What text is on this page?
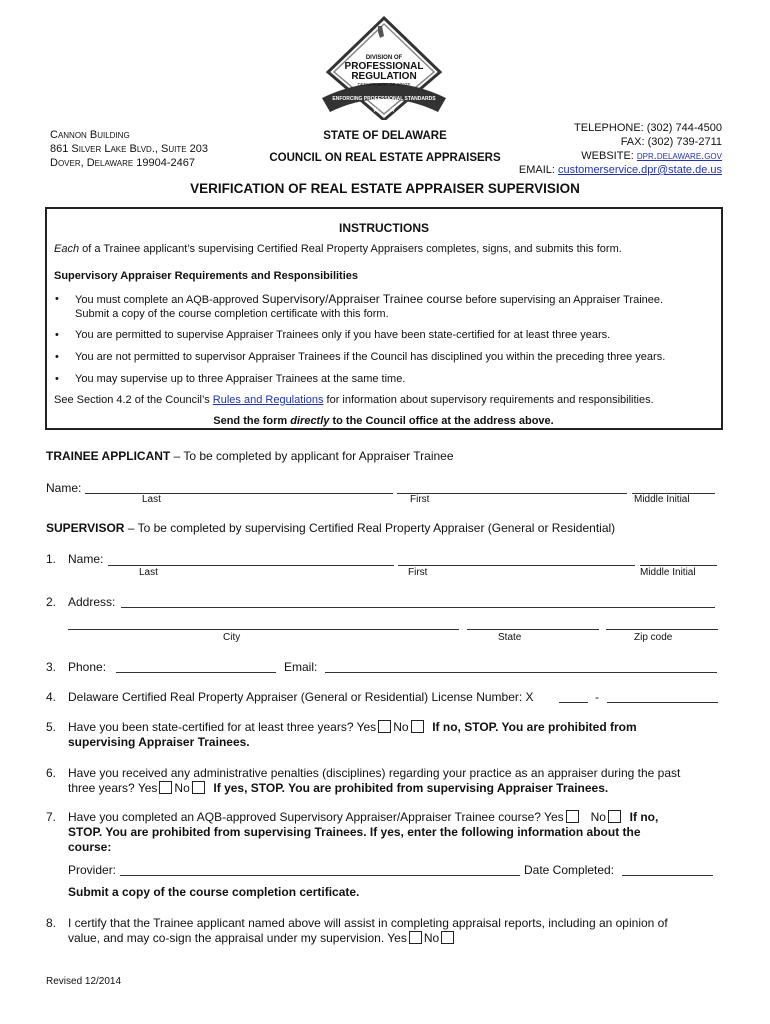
DIVISION OF
PROFESSIONAL
REGULATION
DEPARTMENT OF STATE
ENFORCING PROFESSIONAL STANDARDS
★ ★ ★
Cannon Building
861 Silver Lake Blvd., Suite 203
Dover, Delaware 19904-2467
STATE OF DELAWARE
COUNCIL ON REAL ESTATE APPRAISERS
TELEPHONE: (302) 744-4500
FAX: (302) 739-2711
WEBSITE: dpr.delaware.gov
EMAIL: customerservice.dpr@state.de.us
VERIFICATION OF REAL ESTATE APPRAISER SUPERVISION
INSTRUCTIONS
Each of a Trainee applicant’s supervising Certified Real Property Appraisers completes, signs, and submits this form.
Supervisory Appraiser Requirements and Responsibilities
• You must complete an AQB-approved Supervisory/Appraiser Trainee course before supervising an Appraiser Trainee.
Submit a copy of the course completion certificate with this form.
• You are permitted to supervise Appraiser Trainees only if you have been state-certified for at least three years.
• You are not permitted to supervisor Appraiser Trainees if the Council has disciplined you within the preceding three years.
• You may supervise up to three Appraiser Trainees at the same time.
See Section 4.2 of the Council’s Rules and Regulations for information about supervisory requirements and responsibilities.
Send the form directly to the Council office at the address above.
TRAINEE APPLICANT – To be completed by applicant for Appraiser Trainee
Name:
Last	First	Middle Initial
SUPERVISOR – To be completed by supervising Certified Real Property Appraiser (General or Residential)
1. Name:
Last	First	Middle Initial
2. Address:
City	State	Zip code
3. Phone:	Email:
4. Delaware Certified Real Property Appraiser (General or Residential) License Number: X	-
5. Have you been state-certified for at least three years? Yes No If no, STOP. You are prohibited from
supervising Appraiser Trainees.
6. Have you received any administrative penalties (disciplines) regarding your practice as an appraiser during the past
three years? Yes No If yes, STOP. You are prohibited from supervising Appraiser Trainees.
7. Have you completed an AQB-approved Supervisory Appraiser/Appraiser Trainee course? Yes No If no,
STOP. You are prohibited from supervising Trainees. If yes, enter the following information about the
course:
Provider:	Date Completed:
Submit a copy of the course completion certificate.
8. I certify that the Trainee applicant named above will assist in completing appraisal reports, including an opinion of
value, and may co-sign the appraisal under my supervision. Yes No
Revised 12/2014
